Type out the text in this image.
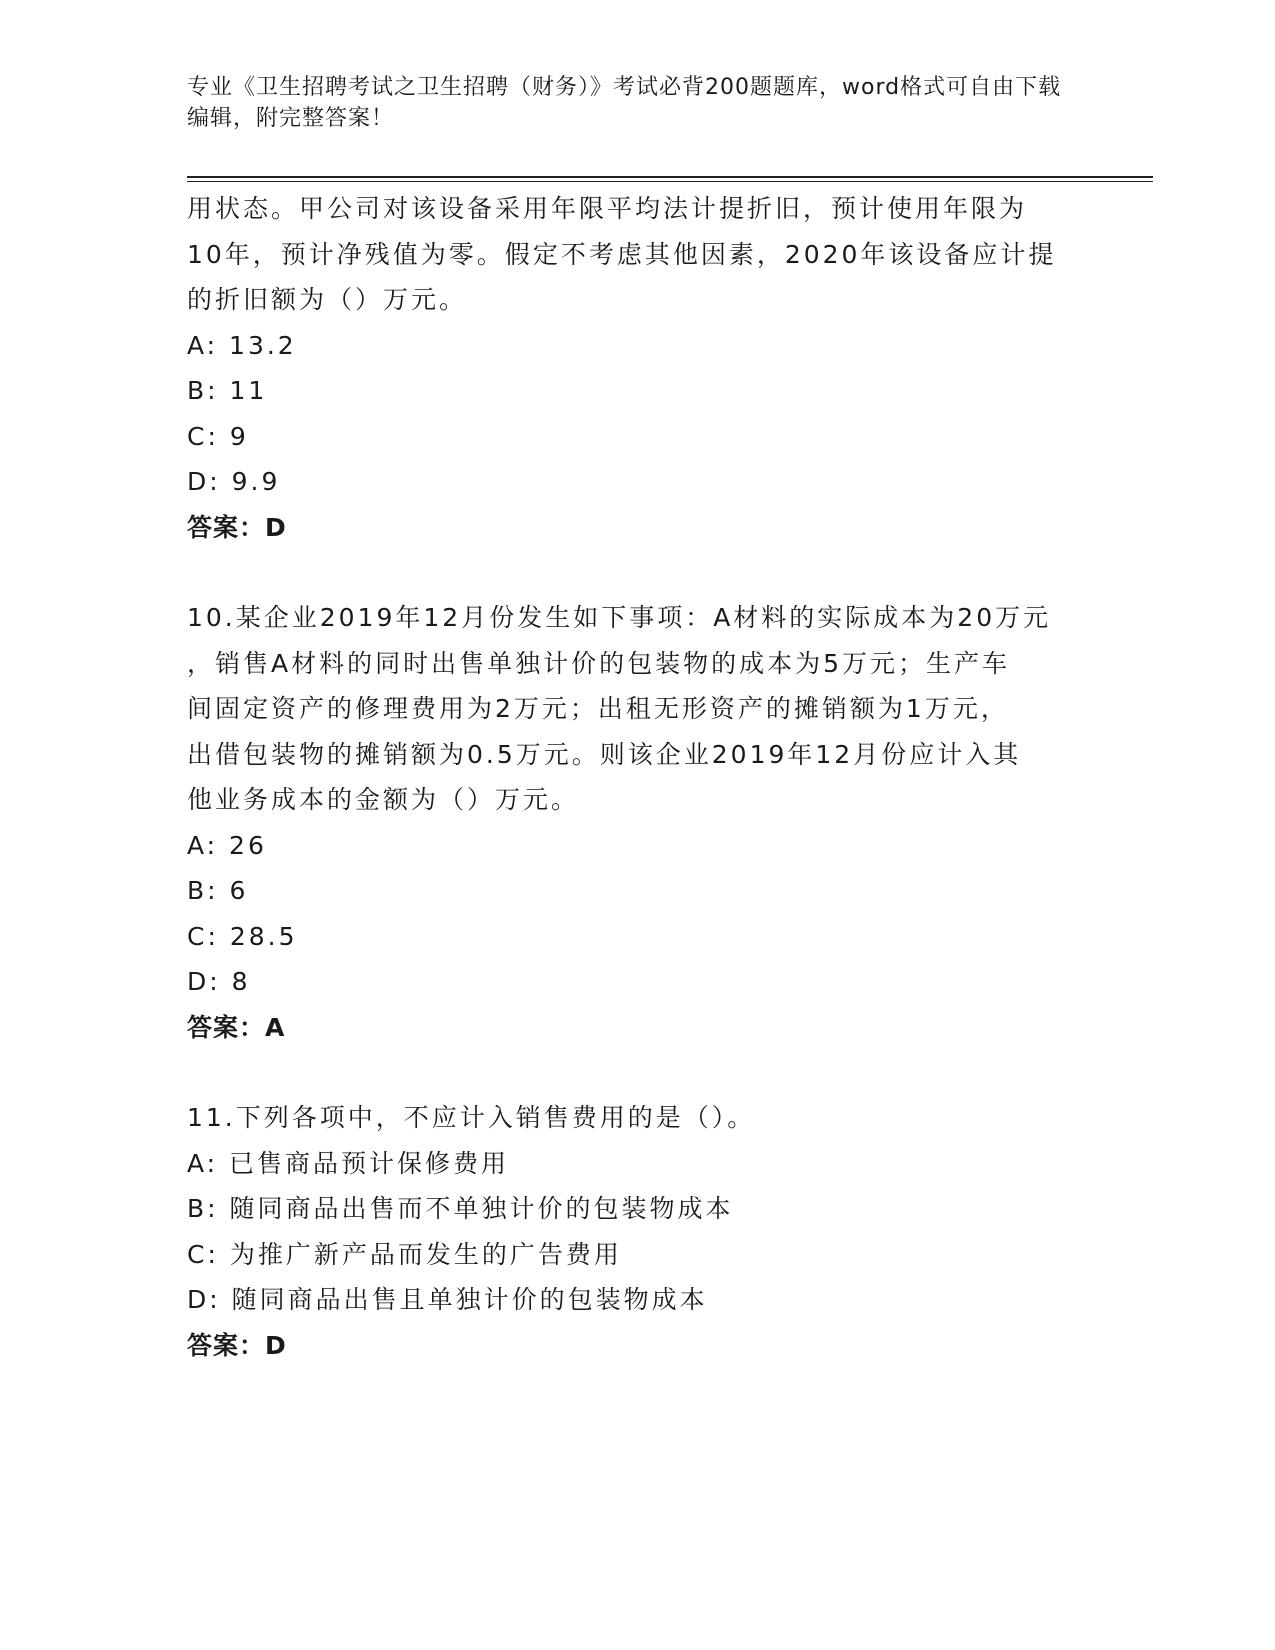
专业《卫生招聘考试之卫生招聘（财务）》考试必背200题题库，word格式可自由下载编辑，附完整答案！

用状态。甲公司对该设备采用年限平均法计提折旧，预计使用年限为

10年，预计净残值为零。假定不考虑其他因素，2020年该设备应计提

的折旧额为（）万元。

A: 13.2

B: 11

C: 9

D: 9.9

答案：D

10.某企业2019年12月份发生如下事项：A材料的实际成本为20万元

，销售A材料的同时出售单独计价的包装物的成本为5万元；生产车

间固定资产的修理费用为2万元；出租无形资产的摊销额为1万元，

出借包装物的摊销额为0.5万元。则该企业2019年12月份应计入其

他业务成本的金额为（）万元。

A: 26

B: 6

C: 28.5

D: 8

答案：A

11.下列各项中，不应计入销售费用的是（）。

A: 已售商品预计保修费用

B: 随同商品出售而不单独计价的包装物成本

C: 为推广新产品而发生的广告费用

D: 随同商品出售且单独计价的包装物成本

答案：D
